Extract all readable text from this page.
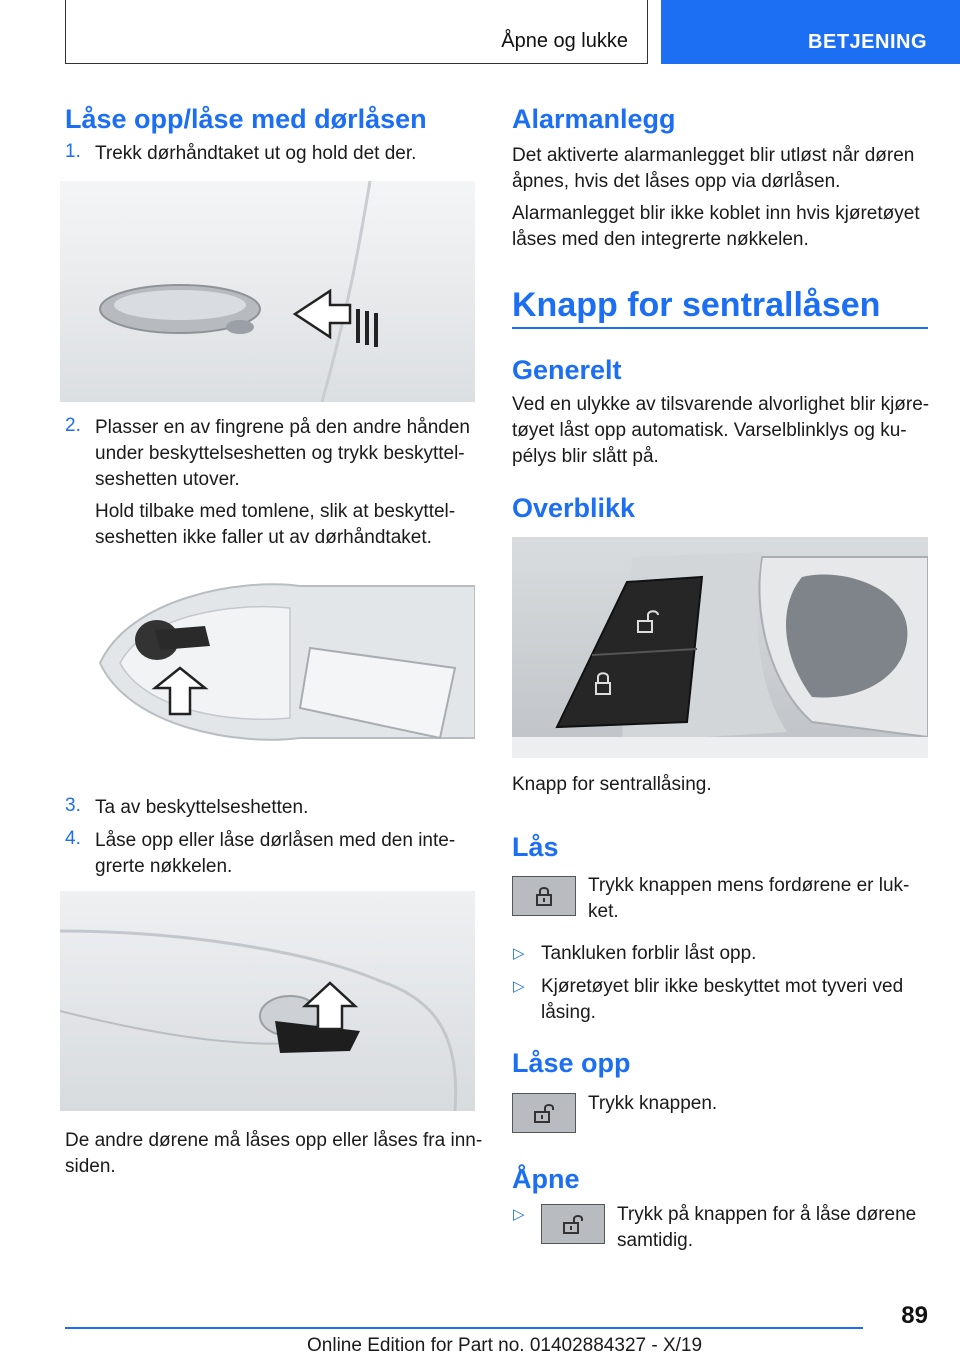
Åpne og lukke	BETJENING
Låse opp/låse med dørlåsen
1. Trekk dørhåndtaket ut og hold det der.
2. Plasser en av fingrene på den andre hånden
under beskyttelseshetten og trykk beskyttel-
seshetten utover.
Hold tilbake med tomlene, slik at beskyttel-
seshetten ikke faller ut av dørhåndtaket.
3. Ta av beskyttelseshetten.
4. Låse opp eller låse dørlåsen med den inte-
grerte nøkkelen.
De andre dørene må låses opp eller låses fra inn-
siden.
Alarmanlegg
Det aktiverte alarmanlegget blir utløst når døren
åpnes, hvis det låses opp via dørlåsen.
Alarmanlegget blir ikke koblet inn hvis kjøretøyet
låses med den integrerte nøkkelen.
Knapp for sentrallåsen
Generelt
Ved en ulykke av tilsvarende alvorlighet blir kjøre-
tøyet låst opp automatisk. Varselblinklys og ku-
pélys blir slått på.
Overblikk
Knapp for sentrallåsing.
Lås
Trykk knappen mens fordørene er luk-
ket.
▷ Tankluken forblir låst opp.
▷ Kjøretøyet blir ikke beskyttet mot tyveri ved
låsing.
Låse opp
Trykk knappen.
Åpne
▷	Trykk på knappen for å låse dørene
samtidig.
89
Online Edition for Part no. 01402884327 - X/19
